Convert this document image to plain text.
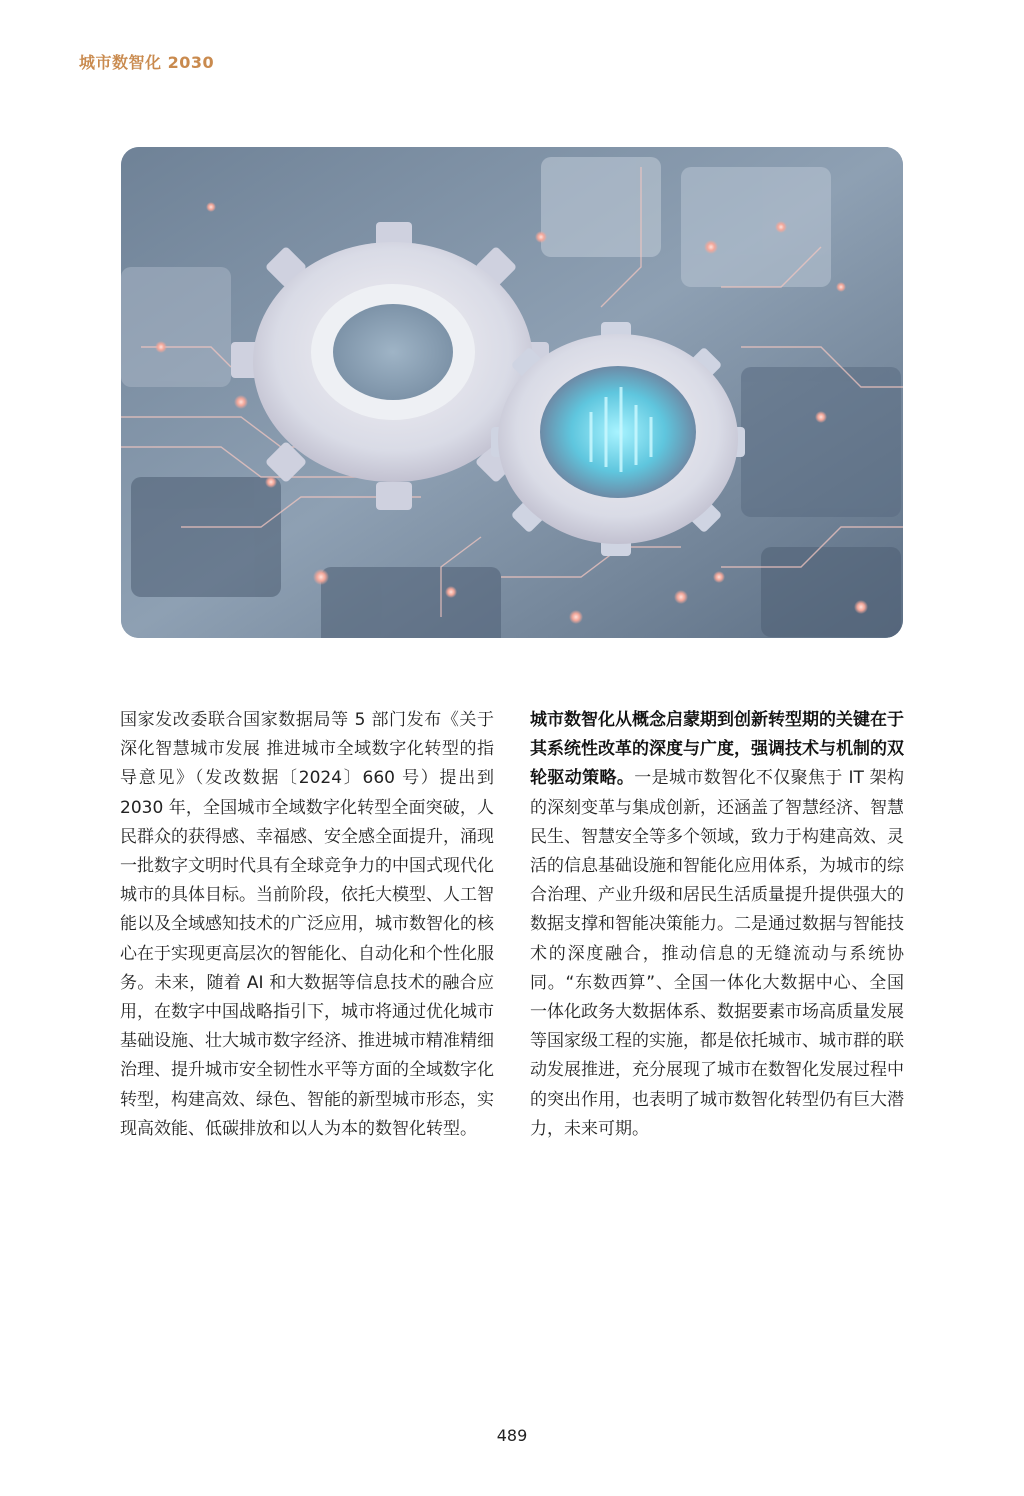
城市数智化 2030
国家发改委联合国家数据局等 5 部门发布《关于深化智慧城市发展 推进城市全域数字化转型的指导意见》（发改数据〔2024〕660 号）提出到 2030 年，全国城市全域数字化转型全面突破，人民群众的获得感、幸福感、安全感全面提升，涌现一批数字文明时代具有全球竞争力的中国式现代化城市的具体目标。当前阶段，依托大模型、人工智能以及全域感知技术的广泛应用，城市数智化的核心在于实现更高层次的智能化、自动化和个性化服务。未来，随着 AI 和大数据等信息技术的融合应用，在数字中国战略指引下，城市将通过优化城市基础设施、壮大城市数字经济、推进城市精准精细治理、提升城市安全韧性水平等方面的全域数字化转型，构建高效、绿色、智能的新型城市形态，实现高效能、低碳排放和以人为本的数智化转型。
城市数智化从概念启蒙期到创新转型期的关键在于其系统性改革的深度与广度，强调技术与机制的双轮驱动策略。一是城市数智化不仅聚焦于 IT 架构的深刻变革与集成创新，还涵盖了智慧经济、智慧民生、智慧安全等多个领域，致力于构建高效、灵活的信息基础设施和智能化应用体系，为城市的综合治理、产业升级和居民生活质量提升提供强大的数据支撑和智能决策能力。二是通过数据与智能技术的深度融合，推动信息的无缝流动与系统协同。“东数西算”、全国一体化大数据中心、全国一体化政务大数据体系、数据要素市场高质量发展等国家级工程的实施，都是依托城市、城市群的联动发展推进，充分展现了城市在数智化发展过程中的突出作用，也表明了城市数智化转型仍有巨大潜力，未来可期。
489
